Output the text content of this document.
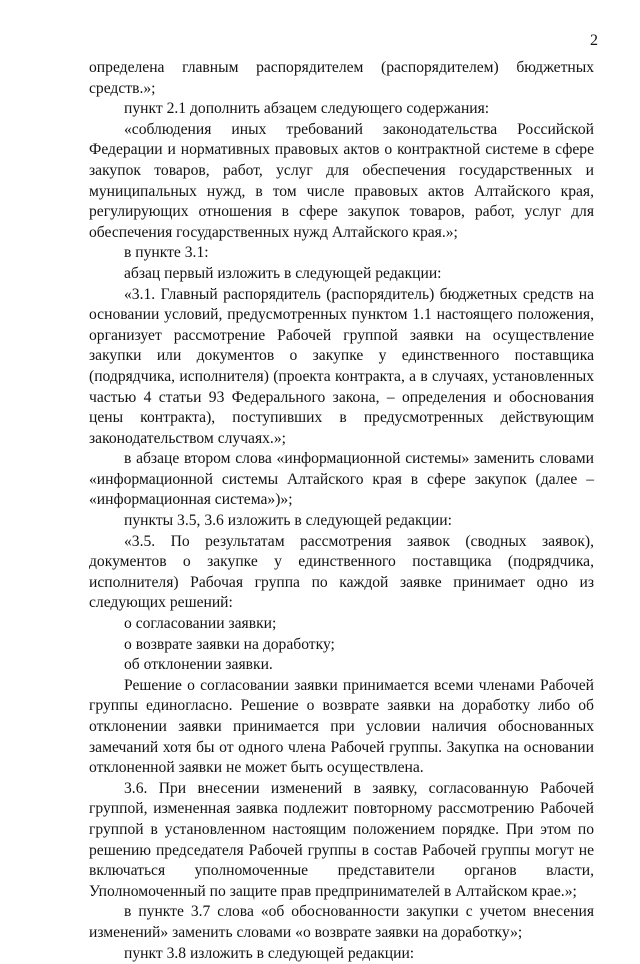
2

определена главным распорядителем (распорядителем) бюджетных средств.»;

пункт 2.1 дополнить абзацем следующего содержания:

«соблюдения иных требований законодательства Российской Федерации и нормативных правовых актов о контрактной системе в сфере закупок товаров, работ, услуг для обеспечения государственных и муниципальных нужд, в том числе правовых актов Алтайского края, регулирующих отношения в сфере закупок товаров, работ, услуг для обеспечения государственных нужд Алтайского края.»;

в пункте 3.1:

абзац первый изложить в следующей редакции:

«3.1. Главный распорядитель (распорядитель) бюджетных средств на основании условий, предусмотренных пунктом 1.1 настоящего положения, организует рассмотрение Рабочей группой заявки на осуществление закупки или документов о закупке у единственного поставщика (подрядчика, исполнителя) (проекта контракта, а в случаях, установленных частью 4 статьи 93 Федерального закона, – определения и обоснования цены контракта), поступивших в предусмотренных действующим законодательством случаях.»;

в абзаце втором слова «информационной системы» заменить словами «информационной системы Алтайского края в сфере закупок (далее – «информационная система»)»;

пункты 3.5, 3.6 изложить в следующей редакции:

«3.5. По результатам рассмотрения заявок (сводных заявок), документов о закупке у единственного поставщика (подрядчика, исполнителя) Рабочая группа по каждой заявке принимает одно из следующих решений:

о согласовании заявки;

о возврате заявки на доработку;

об отклонении заявки.

Решение о согласовании заявки принимается всеми членами Рабочей группы единогласно. Решение о возврате заявки на доработку либо об отклонении заявки принимается при условии наличия обоснованных замечаний хотя бы от одного члена Рабочей группы. Закупка на основании отклоненной заявки не может быть осуществлена.

3.6. При внесении изменений в заявку, согласованную Рабочей группой, измененная заявка подлежит повторному рассмотрению Рабочей группой в установленном настоящим положением порядке. При этом по решению председателя Рабочей группы в состав Рабочей группы могут не включаться уполномоченные представители органов власти, Уполномоченный по защите прав предпринимателей в Алтайском крае.»;

в пункте 3.7 слова «об обоснованности закупки с учетом внесения изменений» заменить словами «о возврате заявки на доработку»;

пункт 3.8 изложить в следующей редакции:
